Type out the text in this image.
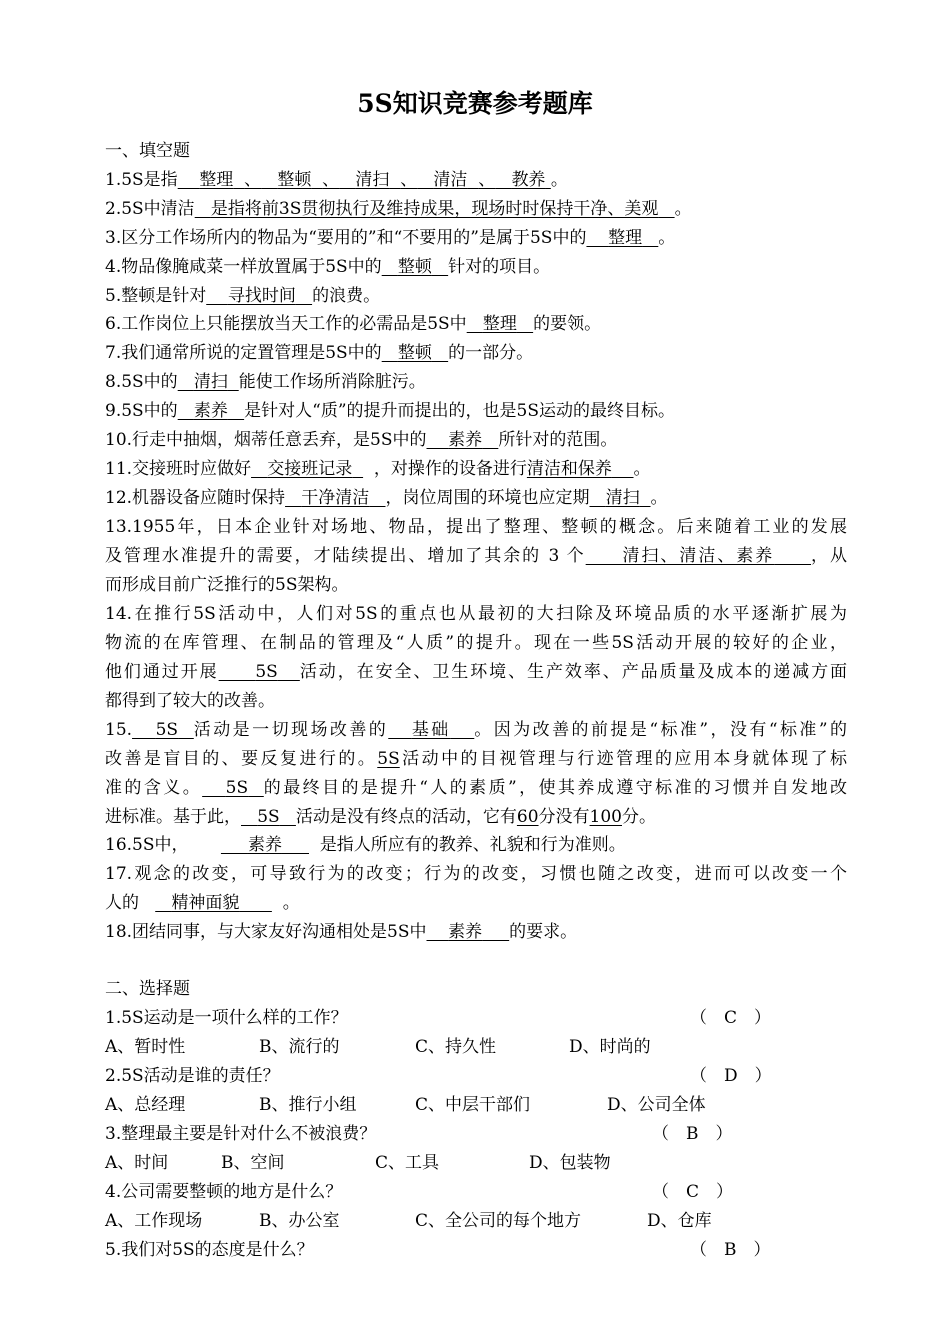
5S知识竞赛参考题库
一、填空题
1.5S是指 整理 、 整顿 、 清扫 、 清洁 、 教养 。
2.5S中清洁 是指将前3S贯彻执行及维持成果，现场时时保持干净、美观 。
3.区分工作场所内的物品为“要用的”和“不要用的”是属于5S中的 整理 。
4.物品像腌咸菜一样放置属于5S中的 整顿 针对的项目。
5.整顿是针对 寻找时间 的浪费。
6.工作岗位上只能摆放当天工作的必需品是5S中 整理 的要领。
7.我们通常所说的定置管理是5S中的 整顿 的一部分。
8.5S中的 清扫 能使工作场所消除脏污。
9.5S中的 素养 是针对人“质”的提升而提出的，也是5S运动的最终目标。
10.行走中抽烟，烟蒂任意丢弃，是5S中的 素养 所针对的范围。
11.交接班时应做好 交接班记录 ，对操作的设备进行清洁和保养 。
12.机器设备应随时保持 干净清洁 ，岗位周围的环境也应定期 清扫 。
13.1955年，日本企业针对场地、物品，提出了整理、整顿的概念。后来随着工业的发展
及管理水准提升的需要，才陆续提出、增加了其余的 3 个 清扫、清洁、素养 ，从
而形成目前广泛推行的5S架构。
14.在推行5S活动中，人们对5S的重点也从最初的大扫除及环境品质的水平逐渐扩展为
物流的在库管理、在制品的管理及“人质”的提升。现在一些5S活动开展的较好的企业，
他们通过开展 5S 活动，在安全、卫生环境、生产效率、产品质量及成本的递减方面
都得到了较大的改善。
15. 5S 活动是一切现场改善的 基础 。因为改善的前提是“标准”，没有“标准”的
改善是盲目的、要反复进行的。5S活动中的目视管理与行迹管理的应用本身就体现了标
准的含义。 5S 的最终目的是提升“人的素质”，使其养成遵守标准的习惯并自发地改
进标准。基于此， 5S 活动是没有终点的活动，它有60分没有100分。
16.5S中，	素养 是指人所应有的教养、礼貌和行为准则。
17.观念的改变，可导致行为的改变；行为的改变，习惯也随之改变，进而可以改变一个
人的 精神面貌	。
18.团结同事，与大家友好沟通相处是5S中 素养 的要求。
二、选择题
1.5S运动是一项什么样的工作？	（　C　）
A、暂时性	B、流行的	C、持久性	D、时尚的
2.5S活动是谁的责任？	（　D　）
A、总经理	B、推行小组	C、中层干部们	D、公司全体
3.整理最主要是针对什么不被浪费？	（　B　）
A、时间	B、空间	C、工具	D、包装物
4.公司需要整顿的地方是什么？	（　C　）
A、工作现场	B、办公室	C、全公司的每个地方	D、仓库
5.我们对5S的态度是什么？	（　B　）
